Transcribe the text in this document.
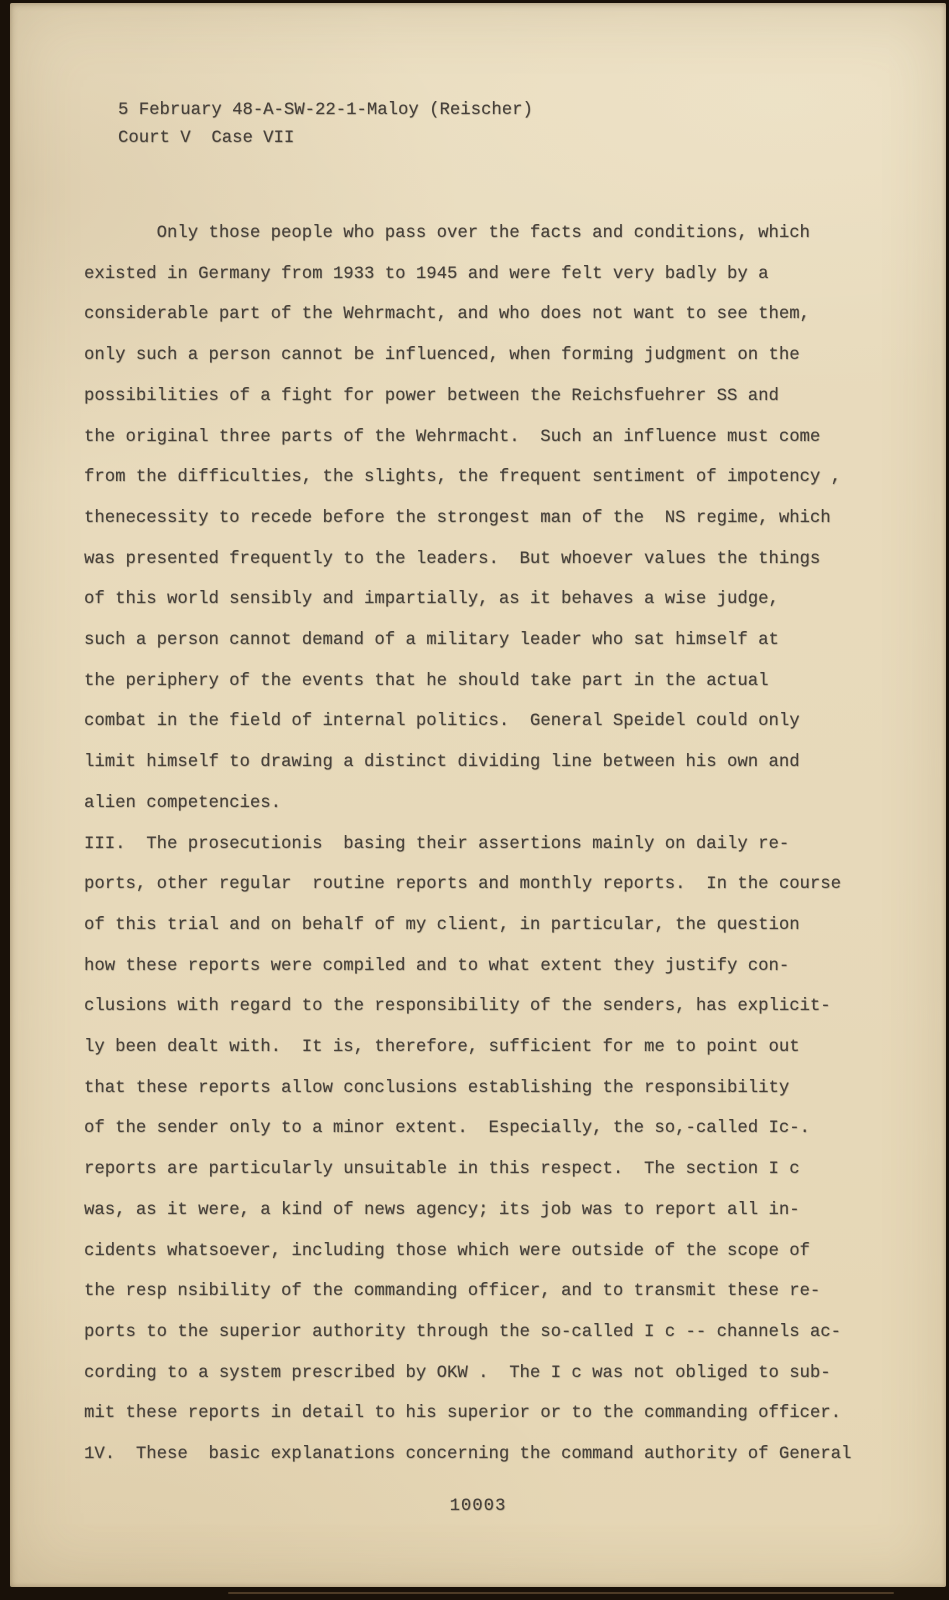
5 February 48-A-SW-22-1-Maloy (Reischer)
Court V  Case VII
Only those people who pass over the facts and conditions, which
existed in Germany from 1933 to 1945 and were felt very badly by a
considerable part of the Wehrmacht, and who does not want to see them,
only such a person cannot be influenced, when forming judgment on the
possibilities of a fight for power between the Reichsfuehrer SS and
the original three parts of the Wehrmacht.  Such an influence must come
from the difficulties, the slights, the frequent sentiment of impotency ,
thenecessity to recede before the strongest man of the  NS regime, which
was presented frequently to the leaders.  But whoever values the things
of this world sensibly and impartially, as it behaves a wise judge,
such a person cannot demand of a military leader who sat himself at
the periphery of the events that he should take part in the actual
combat in the field of internal politics.  General Speidel could only
limit himself to drawing a distinct dividing line between his own and
alien competencies.
III.  The prosecutionis  basing their assertions mainly on daily re-
ports, other regular  routine reports and monthly reports.  In the course
of this trial and on behalf of my client, in particular, the question
how these reports were compiled and to what extent they justify con-
clusions with regard to the responsibility of the senders, has explicit-
ly been dealt with.  It is, therefore, sufficient for me to point out
that these reports allow conclusions establishing the responsibility
of the sender only to a minor extent.  Especially, the so,-called Ic-.
reports are particularly unsuitable in this respect.  The section I c
was, as it were, a kind of news agency; its job was to report all in-
cidents whatsoever, including those which were outside of the scope of
the resp nsibility of the commanding officer, and to transmit these re-
ports to the superior authority through the so-called I c -- channels ac-
cording to a system prescribed by OKW .  The I c was not obliged to sub-
mit these reports in detail to his superior or to the commanding officer.
1V.  These  basic explanations concerning the command authority of General
10003
